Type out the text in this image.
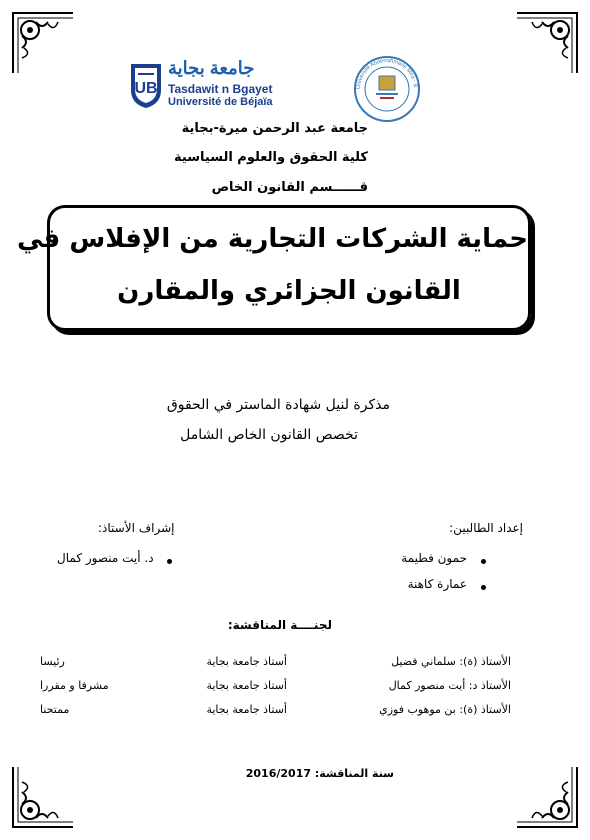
UB
جامعة بجاية
Tasdawit n Bgayet
Université de Béjaïa
Université Abderrahmane Mira - B
جامعة عبد الرحمن ميرة-بجاية
كلية الحقوق والعلوم السياسية
قــــــسم القانون الخاص
حماية الشركات التجارية من الإفلاس في
القانون الجزائري والمقارن
مذكرة لنيل شهادة الماستر في الحقوق
تخصص القانون الخاص الشامل
إعداد الطالبين:
حمون فطيمة
عمارة كاهنة
إشراف الأستاذ:
د. أيت منصور كمال
لجنــــة المناقشة:
الأستاذ (ة): سلماني فضيل
أستاذ جامعة بجاية
رئيسا
الأستاذ د: أيت منصور كمال
أستاذ جامعة بجاية
مشرفا و مقررا
الأستاذ (ة): بن موهوب فوزي
أستاذ جامعة بجاية
ممتحنا
سنة المناقشة: 2016/2017
